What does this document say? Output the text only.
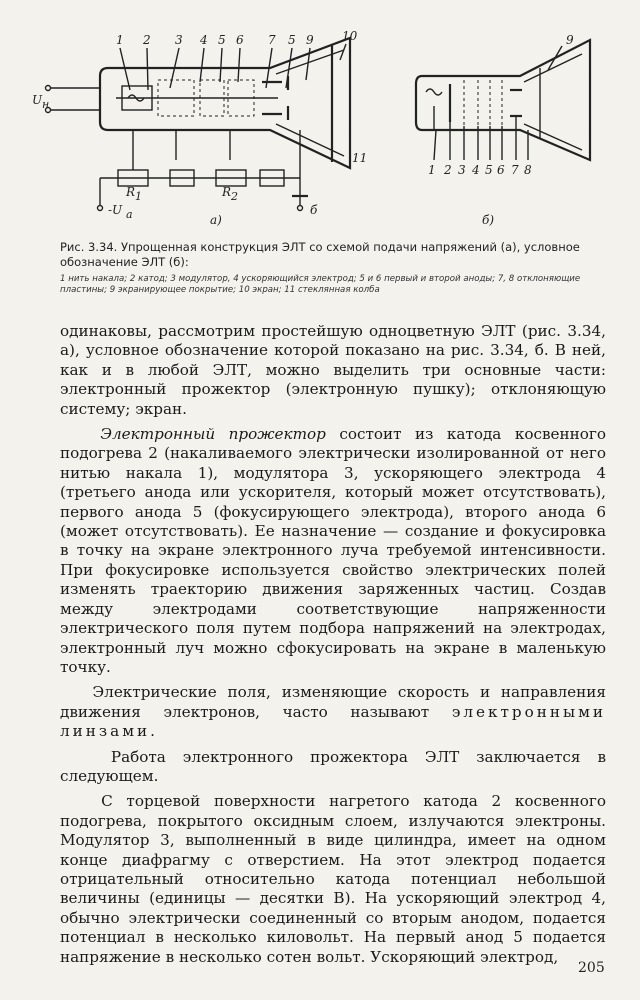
1 2 3 4 5 6 7 5 9 10
U н
R 1	R 2
-U а	б
11
а)
1 2 3 4 5 6 7 8
9
б)

Рис. 3.34. Упрощенная конструкция ЭЛТ со схемой подачи напряжений (а), условное обозначение ЭЛТ (б):

1 нить накала; 2 катод; 3 модулятор, 4 ускоряющийся электрод; 5 и 6 первый и второй аноды; 7, 8 отклоняющие пластины; 9 экранирующее покрытие; 10 экран; 11 стеклянная колба

одинаковы, рассмотрим простейшую одноцветную ЭЛТ (рис. 3.34, а), условное обозначение которой показано на рис. 3.34, б. В ней, как и в любой ЭЛТ, можно выделить три основные части: электронный прожектор (электронную пушку); отклоняющую систему; экран.

Электронный прожектор состоит из катода косвенного подогрева 2 (накаливаемого электрически изолированной от него нитью накала 1), модулятора 3, ускоряющего электрода 4 (третьего анода или ускорителя, который может отсутствовать), первого анода 5 (фокусирующего электрода), второго анода 6 (может отсутствовать). Ее назначение — создание и фокусировка в точку на экране электронного луча требуемой интенсивности. При фокусировке используется свойство электрических полей изменять траекторию движения заряженных частиц. Создав между электродами соответствующие напряженности электрического поля путем подбора напряжений на электродах, электронный луч можно сфокусировать на экране в маленькую точку.

Электрические поля, изменяющие скорость и направления движения электронов, часто называют электронными линзами.

Работа электронного прожектора ЭЛТ заключается в следующем.

С торцевой поверхности нагретого катода 2 косвенного подогрева, покрытого оксидным слоем, излучаются электроны. Модулятор 3, выполненный в виде цилиндра, имеет на одном конце диафрагму с отверстием. На этот электрод подается отрицательный относительно катода потенциал небольшой величины (единицы — десятки В). На ускоряющий электрод 4, обычно электрически соединенный со вторым анодом, подается потенциал в несколько киловольт. На первый анод 5 подается напряжение в несколько сотен вольт. Ускоряющий электрод,

205
